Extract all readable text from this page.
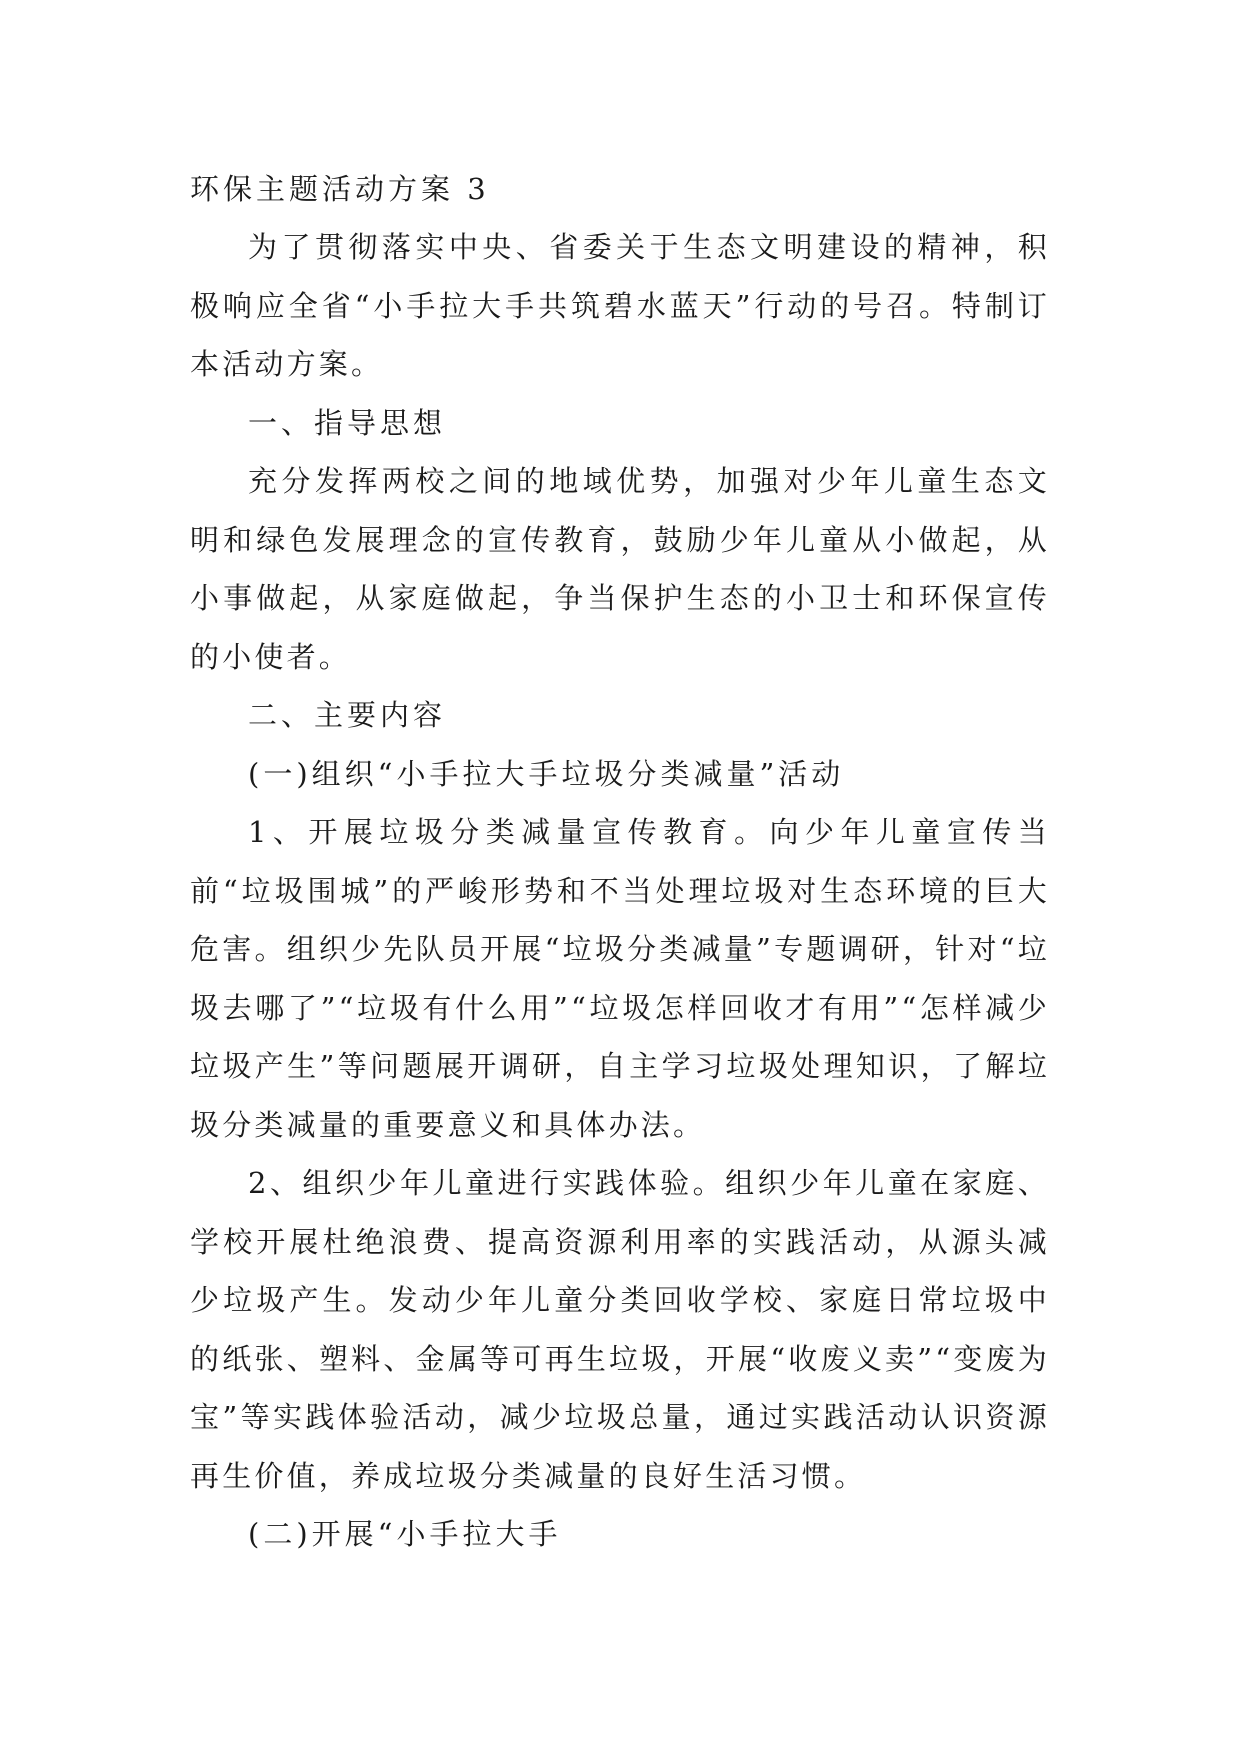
环保主题活动方案 3

为了贯彻落实中央、省委关于生态文明建设的精神，积极响应全省“小手拉大手共筑碧水蓝天”行动的号召。特制订本活动方案。

一、指导思想

充分发挥两校之间的地域优势，加强对少年儿童生态文明和绿色发展理念的宣传教育，鼓励少年儿童从小做起，从小事做起，从家庭做起，争当保护生态的小卫士和环保宣传的小使者。

二、主要内容

(一)组织“小手拉大手垃圾分类减量”活动

1、开展垃圾分类减量宣传教育。向少年儿童宣传当前“垃圾围城”的严峻形势和不当处理垃圾对生态环境的巨大危害。组织少先队员开展“垃圾分类减量”专题调研，针对“垃圾去哪了”“垃圾有什么用”“垃圾怎样回收才有用”“怎样减少垃圾产生”等问题展开调研，自主学习垃圾处理知识，了解垃圾分类减量的重要意义和具体办法。

2、组织少年儿童进行实践体验。组织少年儿童在家庭、学校开展杜绝浪费、提高资源利用率的实践活动，从源头减少垃圾产生。发动少年儿童分类回收学校、家庭日常垃圾中的纸张、塑料、金属等可再生垃圾，开展“收废义卖”“变废为宝”等实践体验活动，减少垃圾总量，通过实践活动认识资源再生价值，养成垃圾分类减量的良好生活习惯。

(二)开展“小手拉大手
